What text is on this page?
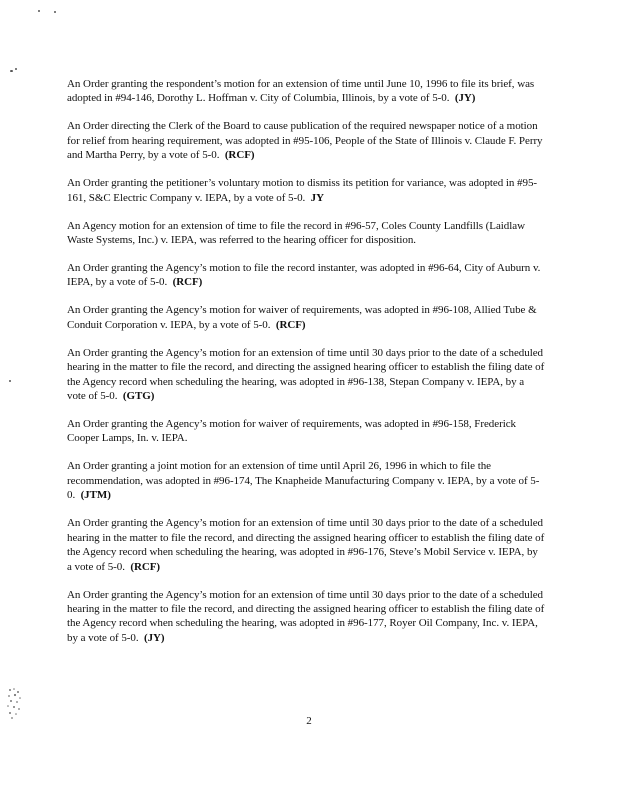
An Order granting the respondent’s motion for an extension of time until June 10, 1996 to file its brief, was adopted in #94-146, Dorothy L. Hoffman v. City of Columbia, Illinois, by a vote of 5-0. (JY)

An Order directing the Clerk of the Board to cause publication of the required newspaper notice of a motion for relief from hearing requirement, was adopted in #95-106, People of the State of Illinois v. Claude F. Perry and Martha Perry, by a vote of 5-0. (RCF)

An Order granting the petitioner’s voluntary motion to dismiss its petition for variance, was adopted in #95-161, S&C Electric Company v. IEPA, by a vote of 5-0. JY

An Agency motion for an extension of time to file the record in #96-57, Coles County Landfills (Laidlaw Waste Systems, Inc.) v. IEPA, was referred to the hearing officer for disposition.

An Order granting the Agency’s motion to file the record instanter, was adopted in #96-64, City of Auburn v. IEPA, by a vote of 5-0. (RCF)

An Order granting the Agency’s motion for waiver of requirements, was adopted in #96-108, Allied Tube & Conduit Corporation v. IEPA, by a vote of 5-0. (RCF)

An Order granting the Agency’s motion for an extension of time until 30 days prior to the date of a scheduled hearing in the matter to file the record, and directing the assigned hearing officer to establish the filing date of the Agency record when scheduling the hearing, was adopted in #96-138, Stepan Company v. IEPA, by a vote of 5-0. (GTG)

An Order granting the Agency’s motion for waiver of requirements, was adopted in #96-158, Frederick Cooper Lamps, In. v. IEPA.

An Order granting a joint motion for an extension of time until April 26, 1996 in which to file the recommendation, was adopted in #96-174, The Knapheide Manufacturing Company v. IEPA, by a vote of 5-0. (JTM)

An Order granting the Agency’s motion for an extension of time until 30 days prior to the date of a scheduled hearing in the matter to file the record, and directing the assigned hearing officer to establish the filing date of the Agency record when scheduling the hearing, was adopted in #96-176, Steve’s Mobil Service v. IEPA, by a vote of 5-0. (RCF)

An Order granting the Agency’s motion for an extension of time until 30 days prior to the date of a scheduled hearing in the matter to file the record, and directing the assigned hearing officer to establish the filing date of the Agency record when scheduling the hearing, was adopted in #96-177, Royer Oil Company, Inc. v. IEPA, by a vote of 5-0. (JY)

2
